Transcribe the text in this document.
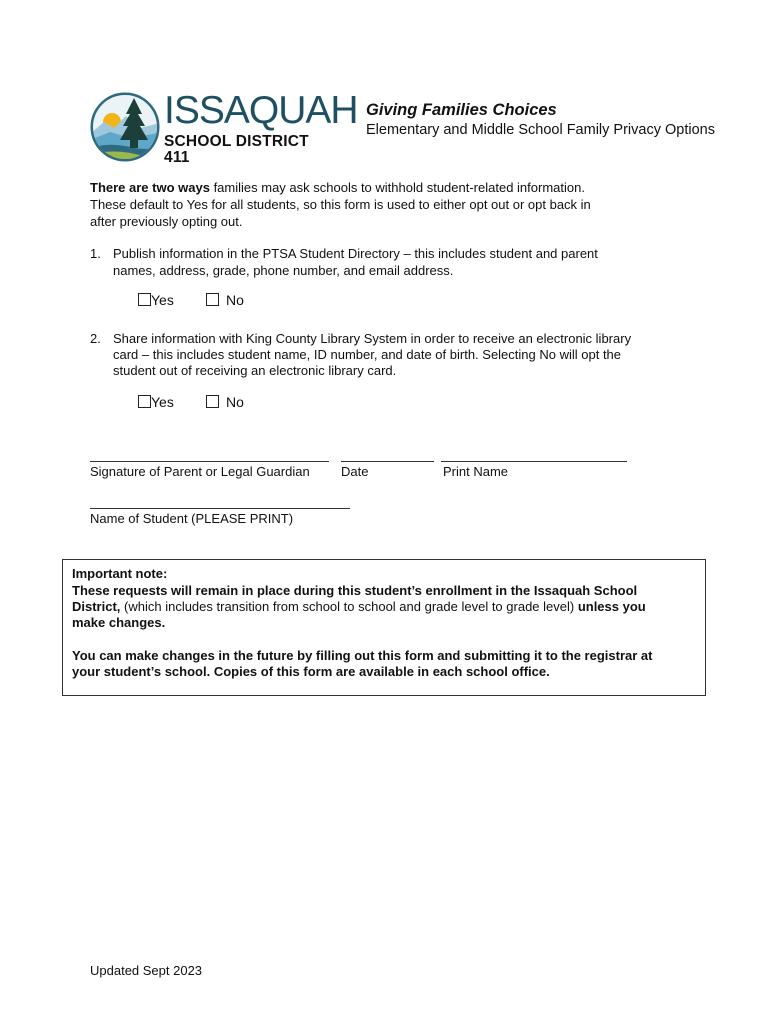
ISSAQUAH
SCHOOL DISTRICT 411
Giving Families Choices
Elementary and Middle School Family Privacy Options
There are two ways families may ask schools to withhold student-related information.
These default to Yes for all students, so this form is used to either opt out or opt back in
after previously opting out.
1. Publish information in the PTSA Student Directory – this includes student and parent
names, address, grade, phone number, and email address.
Yes	No
2. Share information with King County Library System in order to receive an electronic library
card – this includes student name, ID number, and date of birth. Selecting No will opt the
student out of receiving an electronic library card.
Yes	No
Signature of Parent or Legal Guardian Date	Print Name
Name of Student (PLEASE PRINT)
Important note:
These requests will remain in place during this student’s enrollment in the Issaquah School
District, (which includes transition from school to school and grade level to grade level) unless you
make changes.
You can make changes in the future by filling out this form and submitting it to the registrar at
your student’s school. Copies of this form are available in each school office.
Updated Sept 2023
